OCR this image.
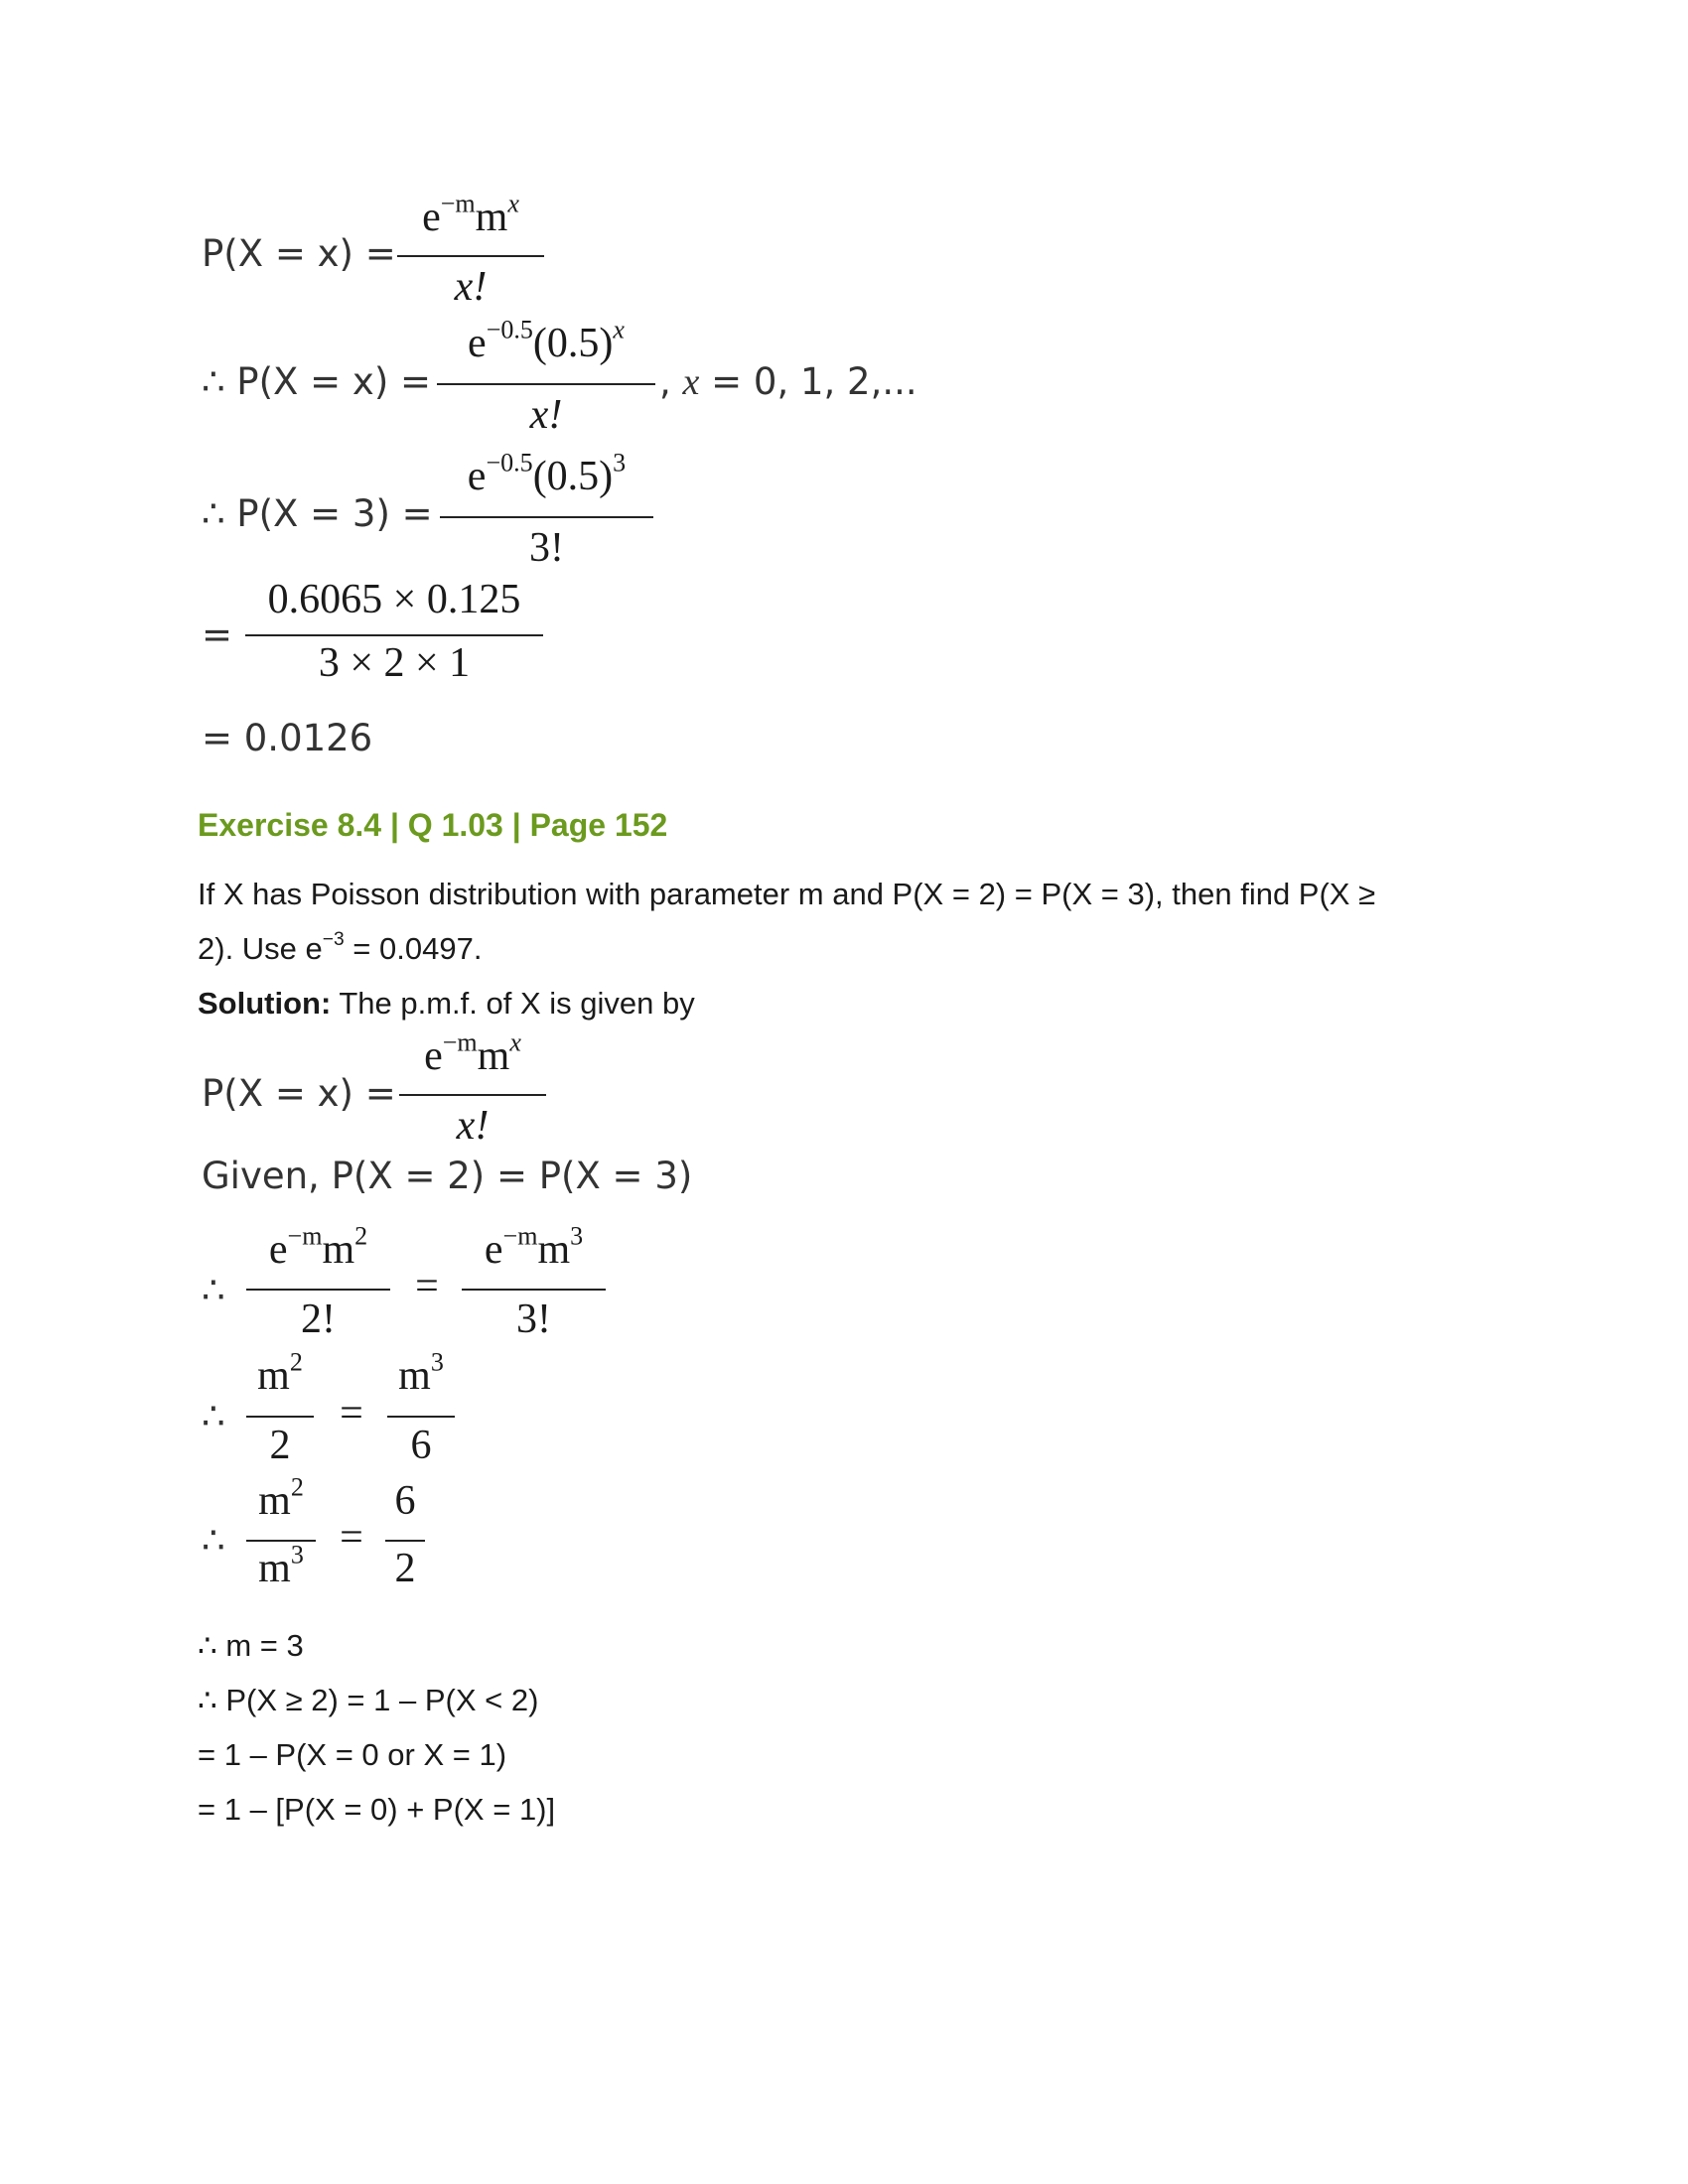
P(X = x) =
$e^{-m}m^x$
x!
∴ P(X = x) =
$e^{-0.5}(0.5)^x$
x!
, x = 0, 1, 2,...
∴ P(X = 3) =
$e^{-0.5}(0.5)^3$
3!
=
0.6065 × 0.125
3 × 2 × 1
= 0.0126
Exercise 8.4 | Q 1.03 | Page 152
If X has Poisson distribution with parameter m and P(X = 2) = P(X = 3), then find P(X ≥
2). Use $e^{-3} = 0.0497$.
Solution: The p.m.f. of X is given by
P(X = x) =
$e^{-m}m^x$
x!
Given, P(X = 2) = P(X = 3)
∴
$e^{-m}m^2$
2!
=
$e^{-m}m^3$
3!
∴
$m^2$
2
=
$m^3$
6
∴
$m^2$
$m^3$ =
6
2
∴ m = 3
∴ P(X ≥ 2) = 1 – P(X < 2)
= 1 – P(X = 0 or X = 1)
= 1 – [P(X = 0) + P(X = 1)]
